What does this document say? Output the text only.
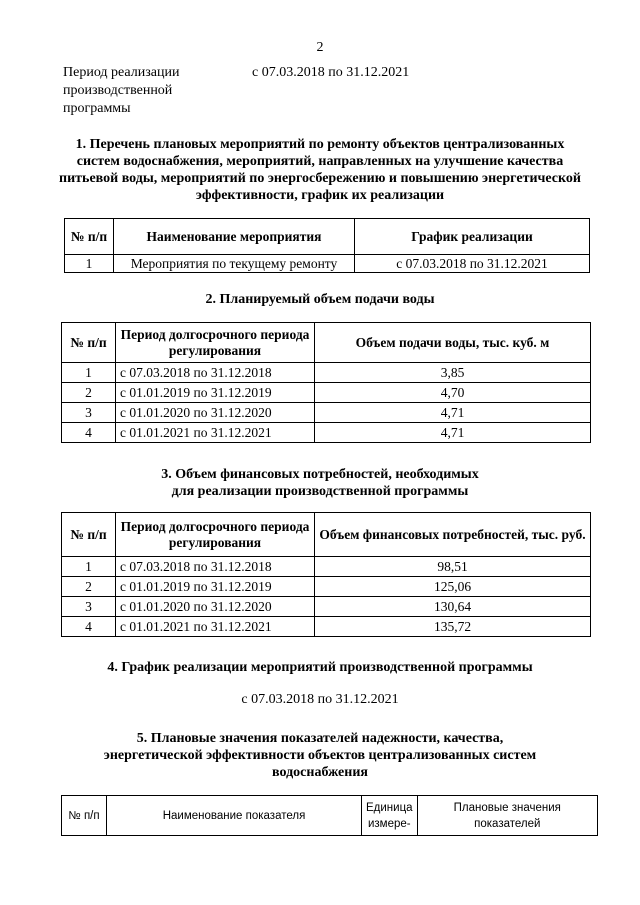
2
Период реализации производственной программы
с 07.03.2018 по 31.12.2021
1. Перечень плановых мероприятий по ремонту объектов централизованных систем водоснабжения, мероприятий, направленных на улучшение качества питьевой воды, мероприятий по энергосбережению и повышению энергетической эффективности, график их реализации
№ п/п	Наименование мероприятия	График реализации
1	Мероприятия по текущему ремонту	с 07.03.2018 по 31.12.2021
2. Планируемый объем подачи воды
№ п/п	Период долгосрочного периода регулирования	Объем подачи воды, тыс. куб. м
1	с 07.03.2018 по 31.12.2018	3,85
2	с 01.01.2019 по 31.12.2019	4,70
3	с 01.01.2020 по 31.12.2020	4,71
4	с 01.01.2021 по 31.12.2021	4,71
3. Объем финансовых потребностей, необходимых для реализации производственной программы
№ п/п	Период долгосрочного периода регулирования	Объем финансовых потребностей, тыс. руб.
1	с 07.03.2018 по 31.12.2018	98,51
2	с 01.01.2019 по 31.12.2019	125,06
3	с 01.01.2020 по 31.12.2020	130,64
4	с 01.01.2021 по 31.12.2021	135,72
4. График реализации мероприятий производственной программы
с 07.03.2018 по 31.12.2021
5. Плановые значения показателей надежности, качества, энергетической эффективности объектов централизованных систем водоснабжения
№ п/п	Наименование показателя	Единица измере-	Плановые значения показателей
